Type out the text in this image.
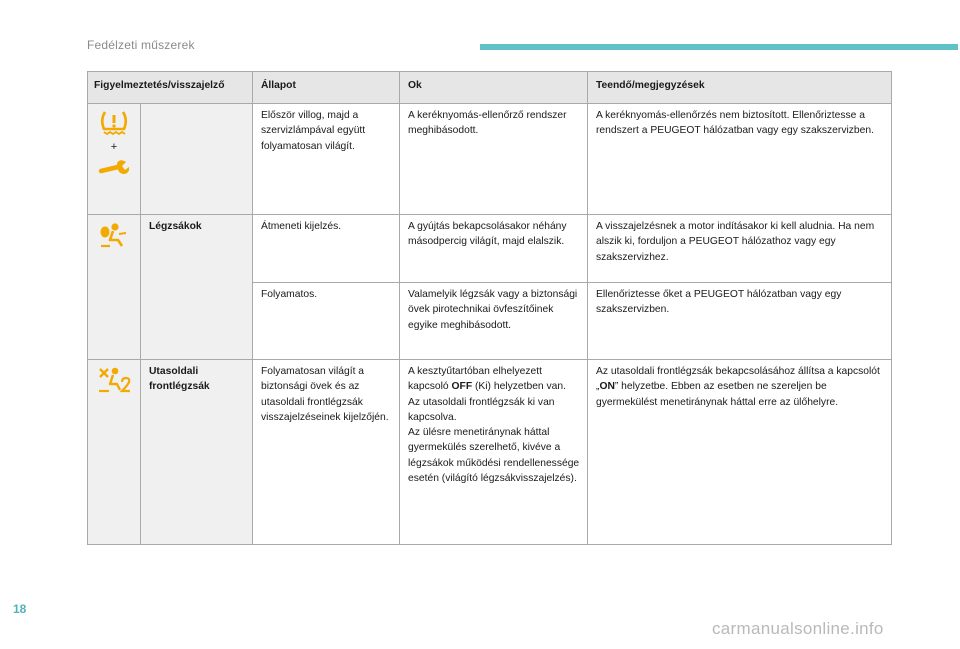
Fedélzeti műszerek
Figyelmeztetés/visszajelző		Állapot	Ok	Teendő/megjegyzések

+		Először villog, majd a szervizlámpával együtt folyamatosan világít.	A keréknyomás-ellenőrző rendszer meghibásodott.	A keréknyomás-ellenőrzés nem biztosított. Ellenőriztesse a rendszert a PEUGEOT hálózatban vagy egy szakszervizben.

	Légzsákok	Átmeneti kijelzés.	A gyújtás bekapcsolásakor néhány másodpercig világít, majd elalszik.	A visszajelzésnek a motor indításakor ki kell aludnia. Ha nem alszik ki, forduljon a PEUGEOT hálózathoz vagy egy szakszervizhez.
		Folyamatos.	Valamelyik légzsák vagy a biztonsági övek pirotechnikai övfeszítőinek egyike meghibásodott.	Ellenőriztesse őket a PEUGEOT hálózatban vagy egy szakszervizben.

	Utasoldali frontlégzsák	Folyamatosan világít a biztonsági övek és az utasoldali frontlégzsák visszajelzéseinek kijelzőjén.	A kesztyűtartóban elhelyezett kapcsoló OFF (Ki) helyzetben van.
Az utasoldali frontlégzsák ki van kapcsolva.
Az ülésre menetiránynak háttal gyermekülés szerelhető, kivéve a légzsákok működési rendellenessége esetén (világító légzsákvisszajelzés).	Az utasoldali frontlégzsák bekapcsolásához állítsa a kapcsolót „ON” helyzetbe. Ebben az esetben ne szereljen be gyermekülést menetiránynak háttal erre az ülőhelyre.
18
carmanualsonline.info
